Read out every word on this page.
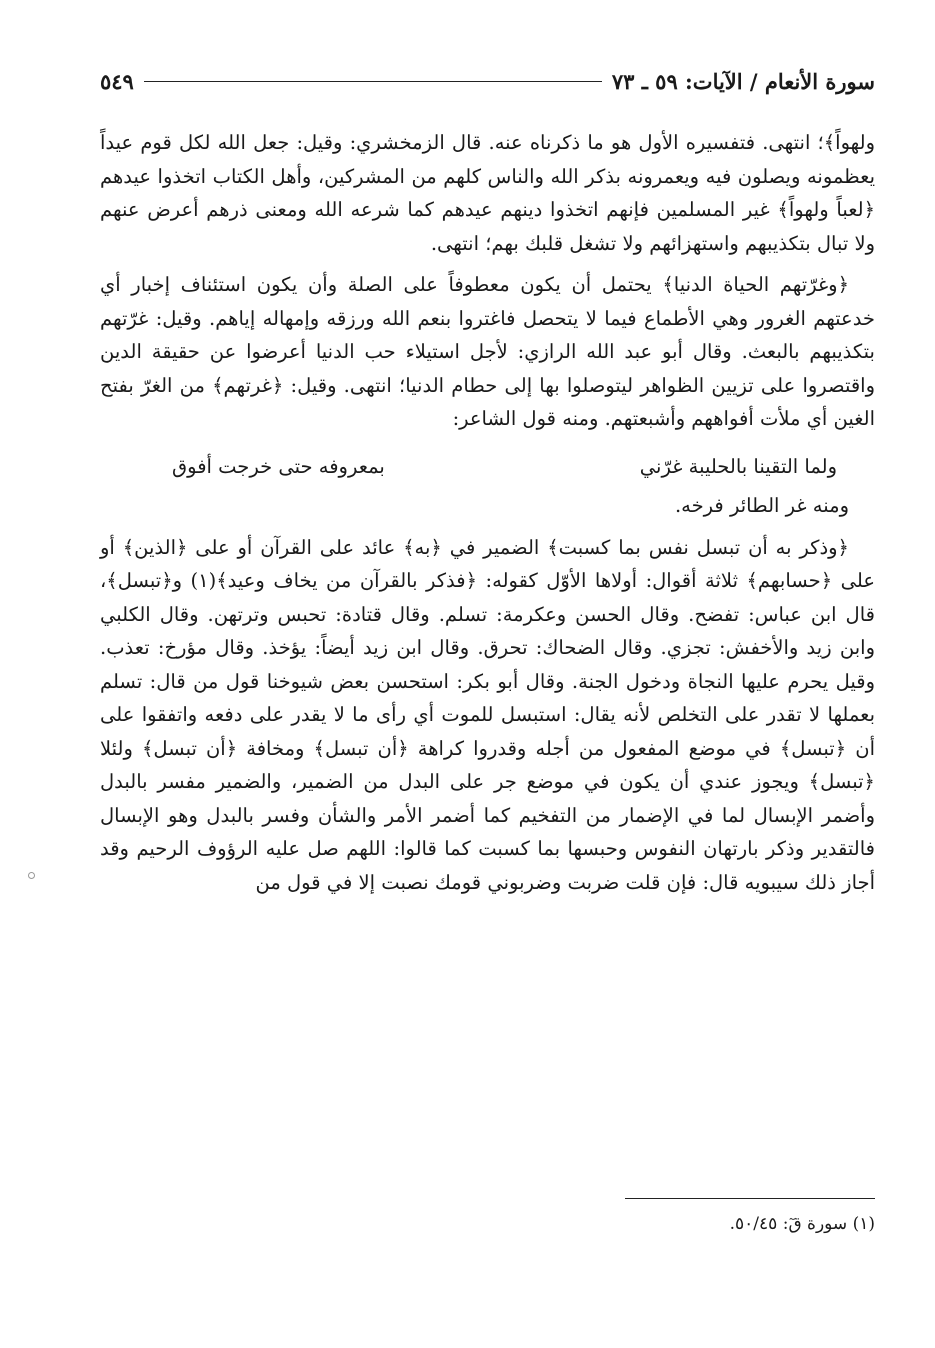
سورة الأنعام / الآيات: ٥٩ ـ ٧٣
٥٤٩

ولهواً﴾؛ انتهى. فتفسيره الأول هو ما ذكرناه عنه. قال الزمخشري: وقيل: جعل الله لكل قوم عيداً يعظمونه ويصلون فيه ويعمرونه بذكر الله والناس كلهم من المشركين، وأهل الكتاب اتخذوا عيدهم ﴿لعباً ولهواً﴾ غير المسلمين فإنهم اتخذوا دينهم عيدهم كما شرعه الله ومعنى ذرهم أعرض عنهم ولا تبال بتكذيبهم واستهزائهم ولا تشغل قلبك بهم؛ انتهى.

﴿وغرّتهم الحياة الدنيا﴾ يحتمل أن يكون معطوفاً على الصلة وأن يكون استئناف إخبار أي خدعتهم الغرور وهي الأطماع فيما لا يتحصل فاغتروا بنعم الله ورزقه وإمهاله إياهم. وقيل: غرّتهم بتكذيبهم بالبعث. وقال أبو عبد الله الرازي: لأجل استيلاء حب الدنيا أعرضوا عن حقيقة الدين واقتصروا على تزيين الظواهر ليتوصلوا بها إلى حطام الدنيا؛ انتهى. وقيل: ﴿غرتهم﴾ من الغرّ بفتح الغين أي ملأت أفواههم وأشبعتهم. ومنه قول الشاعر:

ولما التقينا بالحليبة غرّني
بمعروفه حتى خرجت أفوق

ومنه غر الطائر فرخه.

﴿وذكر به أن تبسل نفس بما كسبت﴾ الضمير في ﴿به﴾ عائد على القرآن أو على ﴿الذين﴾ أو على ﴿حسابهم﴾ ثلاثة أقوال: أولاها الأوّل كقوله: ﴿فذكر بالقرآن من يخاف وعيد﴾(١) و﴿تبسل﴾، قال ابن عباس: تفضح. وقال الحسن وعكرمة: تسلم. وقال قتادة: تحبس وترتهن. وقال الكلبي وابن زيد والأخفش: تجزي. وقال الضحاك: تحرق. وقال ابن زيد أيضاً: يؤخذ. وقال مؤرخ: تعذب. وقيل يحرم عليها النجاة ودخول الجنة. وقال أبو بكر: استحسن بعض شيوخنا قول من قال: تسلم بعملها لا تقدر على التخلص لأنه يقال: استبسل للموت أي رأى ما لا يقدر على دفعه واتفقوا على أن ﴿تبسل﴾ في موضع المفعول من أجله وقدروا كراهة ﴿أن تبسل﴾ ومخافة ﴿أن تبسل﴾ ولئلا ﴿تبسل﴾ ويجوز عندي أن يكون في موضع جر على البدل من الضمير، والضمير مفسر بالبدل وأضمر الإبسال لما في الإضمار من التفخيم كما أضمر الأمر والشأن وفسر بالبدل وهو الإبسال فالتقدير وذكر بارتهان النفوس وحبسها بما كسبت كما قالوا: اللهم صل عليه الرؤوف الرحيم وقد أجاز ذلك سيبويه قال: فإن قلت ضربت وضربوني قومك نصبت إلا في قول من

(١) سورة قٓ: ٥٠/٤٥.
